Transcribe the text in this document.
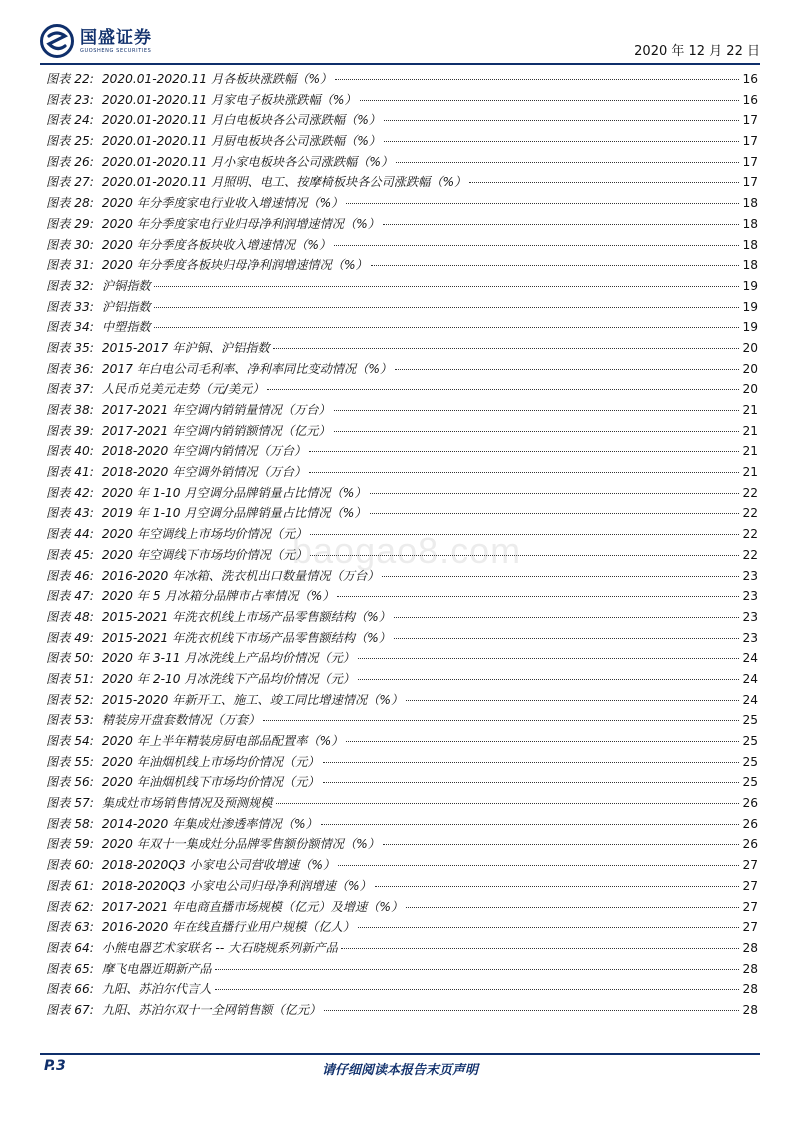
国盛证券
GUOSHENG SECURITIES	2020 年 12 月 22 日
图表 22: 2020.01-2020.11 月各板块涨跌幅（%）	16
图表 23: 2020.01-2020.11 月家电子板块涨跌幅（%）	16
图表 24: 2020.01-2020.11 月白电板块各公司涨跌幅（%）	17
图表 25: 2020.01-2020.11 月厨电板块各公司涨跌幅（%）	17
图表 26: 2020.01-2020.11 月小家电板块各公司涨跌幅（%）	17
图表 27: 2020.01-2020.11 月照明、电工、按摩椅板块各公司涨跌幅（%）	17
图表 28: 2020 年分季度家电行业收入增速情况（%）	18
图表 29: 2020 年分季度家电行业归母净利润增速情况（%）	18
图表 30: 2020 年分季度各板块收入增速情况（%）	18
图表 31: 2020 年分季度各板块归母净利润增速情况（%）	18
图表 32: 沪铜指数	19
图表 33: 沪铝指数	19
图表 34: 中塑指数	19
图表 35: 2015-2017 年沪铜、沪铝指数	20
图表 36: 2017 年白电公司毛利率、净利率同比变动情况（%）	20
图表 37: 人民币兑美元走势（元/美元）	20
图表 38: 2017-2021 年空调内销销量情况（万台）	21
图表 39: 2017-2021 年空调内销销额情况（亿元）	21
图表 40: 2018-2020 年空调内销情况（万台）	21
图表 41: 2018-2020 年空调外销情况（万台）	21
图表 42: 2020 年 1-10 月空调分品牌销量占比情况（%）	22
图表 43: 2019 年 1-10 月空调分品牌销量占比情况（%）	22
图表 44: 2020 年空调线上市场均价情况（元）	22
图表 45: 2020 年空调线下市场均价情况（元）	22
图表 46: 2016-2020 年冰箱、洗衣机出口数量情况（万台）	23
图表 47: 2020 年 5 月冰箱分品牌市占率情况（%）	23
图表 48: 2015-2021 年洗衣机线上市场产品零售额结构（%）	23
图表 49: 2015-2021 年洗衣机线下市场产品零售额结构（%）	23
图表 50: 2020 年 3-11 月冰洗线上产品均价情况（元）	24
图表 51: 2020 年 2-10 月冰洗线下产品均价情况（元）	24
图表 52: 2015-2020 年新开工、施工、竣工同比增速情况（%）	24
图表 53: 精装房开盘套数情况（万套）	25
图表 54: 2020 年上半年精装房厨电部品配置率（%）	25
图表 55: 2020 年油烟机线上市场均价情况（元）	25
图表 56: 2020 年油烟机线下市场均价情况（元）	25
图表 57: 集成灶市场销售情况及预测规模	26
图表 58: 2014-2020 年集成灶渗透率情况（%）	26
图表 59: 2020 年双十一集成灶分品牌零售额份额情况（%）	26
图表 60: 2018-2020Q3 小家电公司营收增速（%）	27
图表 61: 2018-2020Q3 小家电公司归母净利润增速（%）	27
图表 62: 2017-2021 年电商直播市场规模（亿元）及增速（%）	27
图表 63: 2016-2020 年在线直播行业用户规模（亿人）	27
图表 64: 小熊电器艺术家联名 -- 大石晓规系列新产品	28
图表 65: 摩飞电器近期新产品	28
图表 66: 九阳、苏泊尔代言人	28
图表 67: 九阳、苏泊尔双十一全网销售额（亿元）	28
baogao8.com
P.3	请仔细阅读本报告末页声明
